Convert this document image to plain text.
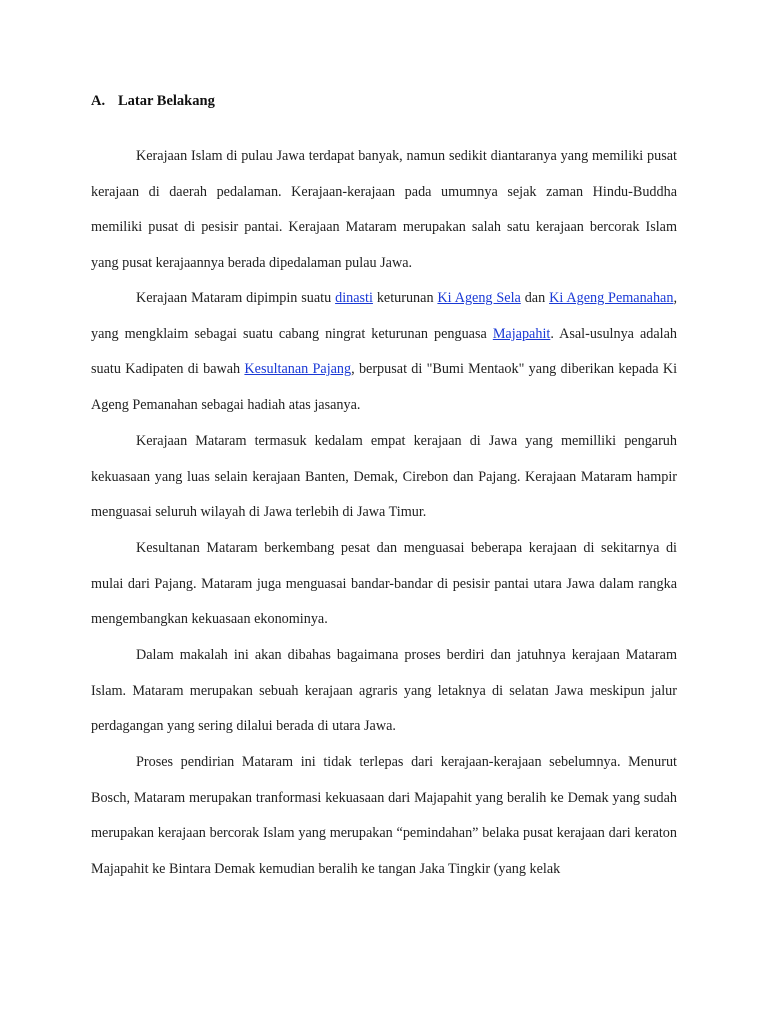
A. Latar Belakang

Kerajaan Islam di pulau Jawa terdapat banyak, namun sedikit diantaranya yang memiliki pusat kerajaan di daerah pedalaman. Kerajaan-kerajaan pada umumnya sejak zaman Hindu-Buddha memiliki pusat di pesisir pantai. Kerajaan Mataram merupakan salah satu kerajaan bercorak Islam yang pusat kerajaannya berada dipedalaman pulau Jawa.

Kerajaan Mataram dipimpin suatu dinasti keturunan Ki Ageng Sela dan Ki Ageng Pemanahan, yang mengklaim sebagai suatu cabang ningrat keturunan penguasa Majapahit. Asal-usulnya adalah suatu Kadipaten di bawah Kesultanan Pajang, berpusat di "Bumi Mentaok" yang diberikan kepada Ki Ageng Pemanahan sebagai hadiah atas jasanya.

Kerajaan Mataram termasuk kedalam empat kerajaan di Jawa yang memilliki pengaruh kekuasaan yang luas selain kerajaan Banten, Demak, Cirebon dan Pajang. Kerajaan Mataram hampir menguasai seluruh wilayah di Jawa terlebih di Jawa Timur.

Kesultanan Mataram berkembang pesat dan menguasai beberapa kerajaan di sekitarnya di mulai dari Pajang. Mataram juga menguasai bandar-bandar di pesisir pantai utara Jawa dalam rangka mengembangkan kekuasaan ekonominya.

Dalam makalah ini akan dibahas bagaimana proses berdiri dan jatuhnya kerajaan Mataram Islam. Mataram merupakan sebuah kerajaan agraris yang letaknya di selatan Jawa meskipun jalur perdagangan yang sering dilalui berada di utara Jawa.

Proses pendirian Mataram ini tidak terlepas dari kerajaan-kerajaan sebelumnya. Menurut Bosch, Mataram merupakan tranformasi kekuasaan dari Majapahit yang beralih ke Demak yang sudah merupakan kerajaan bercorak Islam yang merupakan “pemindahan” belaka pusat kerajaan dari keraton Majapahit ke Bintara Demak kemudian beralih ke tangan Jaka Tingkir (yang kelak
